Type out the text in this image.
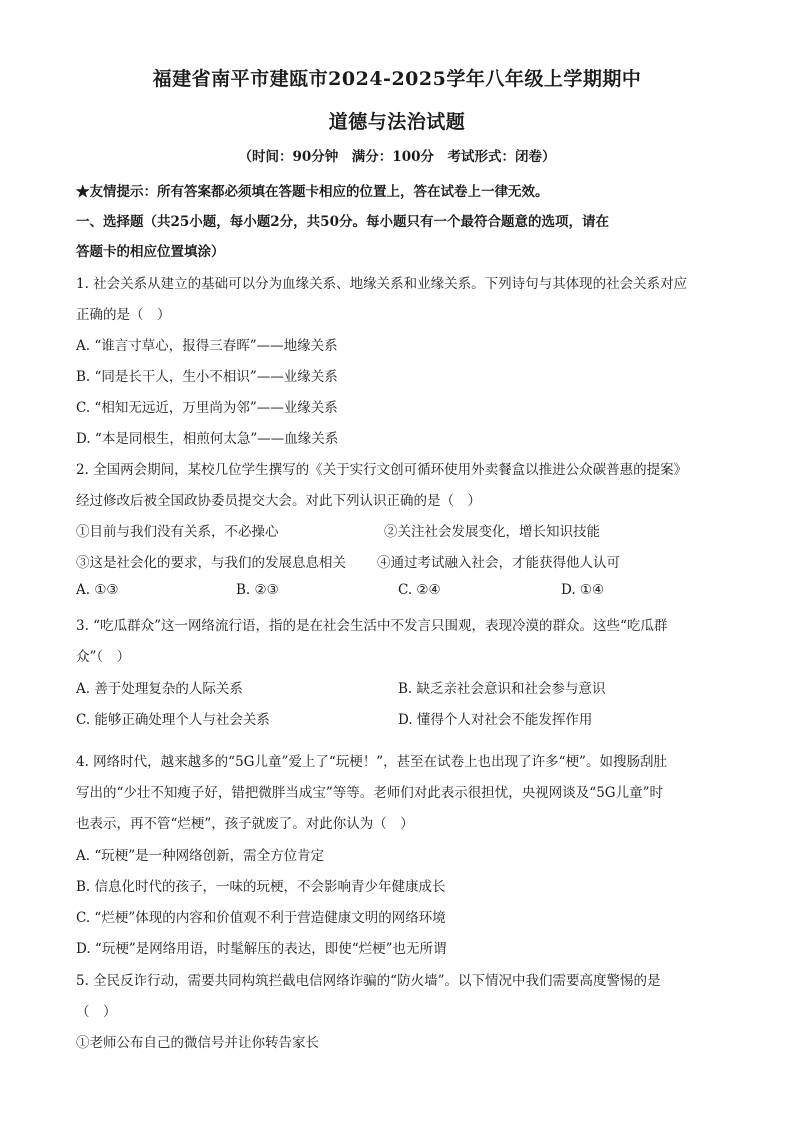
福建省南平市建瓯市2024-2025学年八年级上学期期中
道德与法治试题
（时间：90分钟　满分：100分　考试形式：闭卷）
★友情提示：所有答案都必须填在答题卡相应的位置上，答在试卷上一律无效。
一、选择题（共25小题，每小题2分，共50分。每小题只有一个最符合题意的选项，请在
答题卡的相应位置填涂）
1. 社会关系从建立的基础可以分为血缘关系、地缘关系和业缘关系。下列诗句与其体现的社会关系对应
正确的是（　）
A. “谁言寸草心，报得三春晖”——地缘关系
B. “同是长干人，生小不相识”——业缘关系
C. “相知无远近，万里尚为邻”——业缘关系
D. “本是同根生，相煎何太急”——血缘关系
2. 全国两会期间，某校几位学生撰写的《关于实行文创可循环使用外卖餐盒以推进公众碳普惠的提案》
经过修改后被全国政协委员提交大会。对此下列认识正确的是（　）
①目前与我们没有关系，不必操心	②关注社会发展变化，增长知识技能
③这是社会化的要求，与我们的发展息息相关 ④通过考试融入社会，才能获得他人认可
A. ①③	B. ②③	C. ②④	D. ①④
3. “吃瓜群众”这一网络流行语，指的是在社会生活中不发言只围观，表现冷漠的群众。这些“吃瓜群
众”（　）
A. 善于处理复杂的人际关系	B. 缺乏亲社会意识和社会参与意识
C. 能够正确处理个人与社会关系	D. 懂得个人对社会不能发挥作用
4. 网络时代，越来越多的“5G儿童”爱上了“玩梗！”，甚至在试卷上也出现了许多“梗”。如搜肠刮肚
写出的“少壮不知瘦子好，错把微胖当成宝”等等。老师们对此表示很担忧，央视网谈及“5G儿童”时
也表示，再不管“烂梗”，孩子就废了。对此你认为（　）
A. “玩梗”是一种网络创新，需全方位肯定
B. 信息化时代的孩子，一味的玩梗，不会影响青少年健康成长
C. “烂梗”体现的内容和价值观不利于营造健康文明的网络环境
D. “玩梗”是网络用语，时髦解压的表达，即使“烂梗”也无所谓
5. 全民反诈行动，需要共同构筑拦截电信网络诈骗的“防火墙”。以下情况中我们需要高度警惕的是
（　）
①老师公布自己的微信号并让你转告家长
